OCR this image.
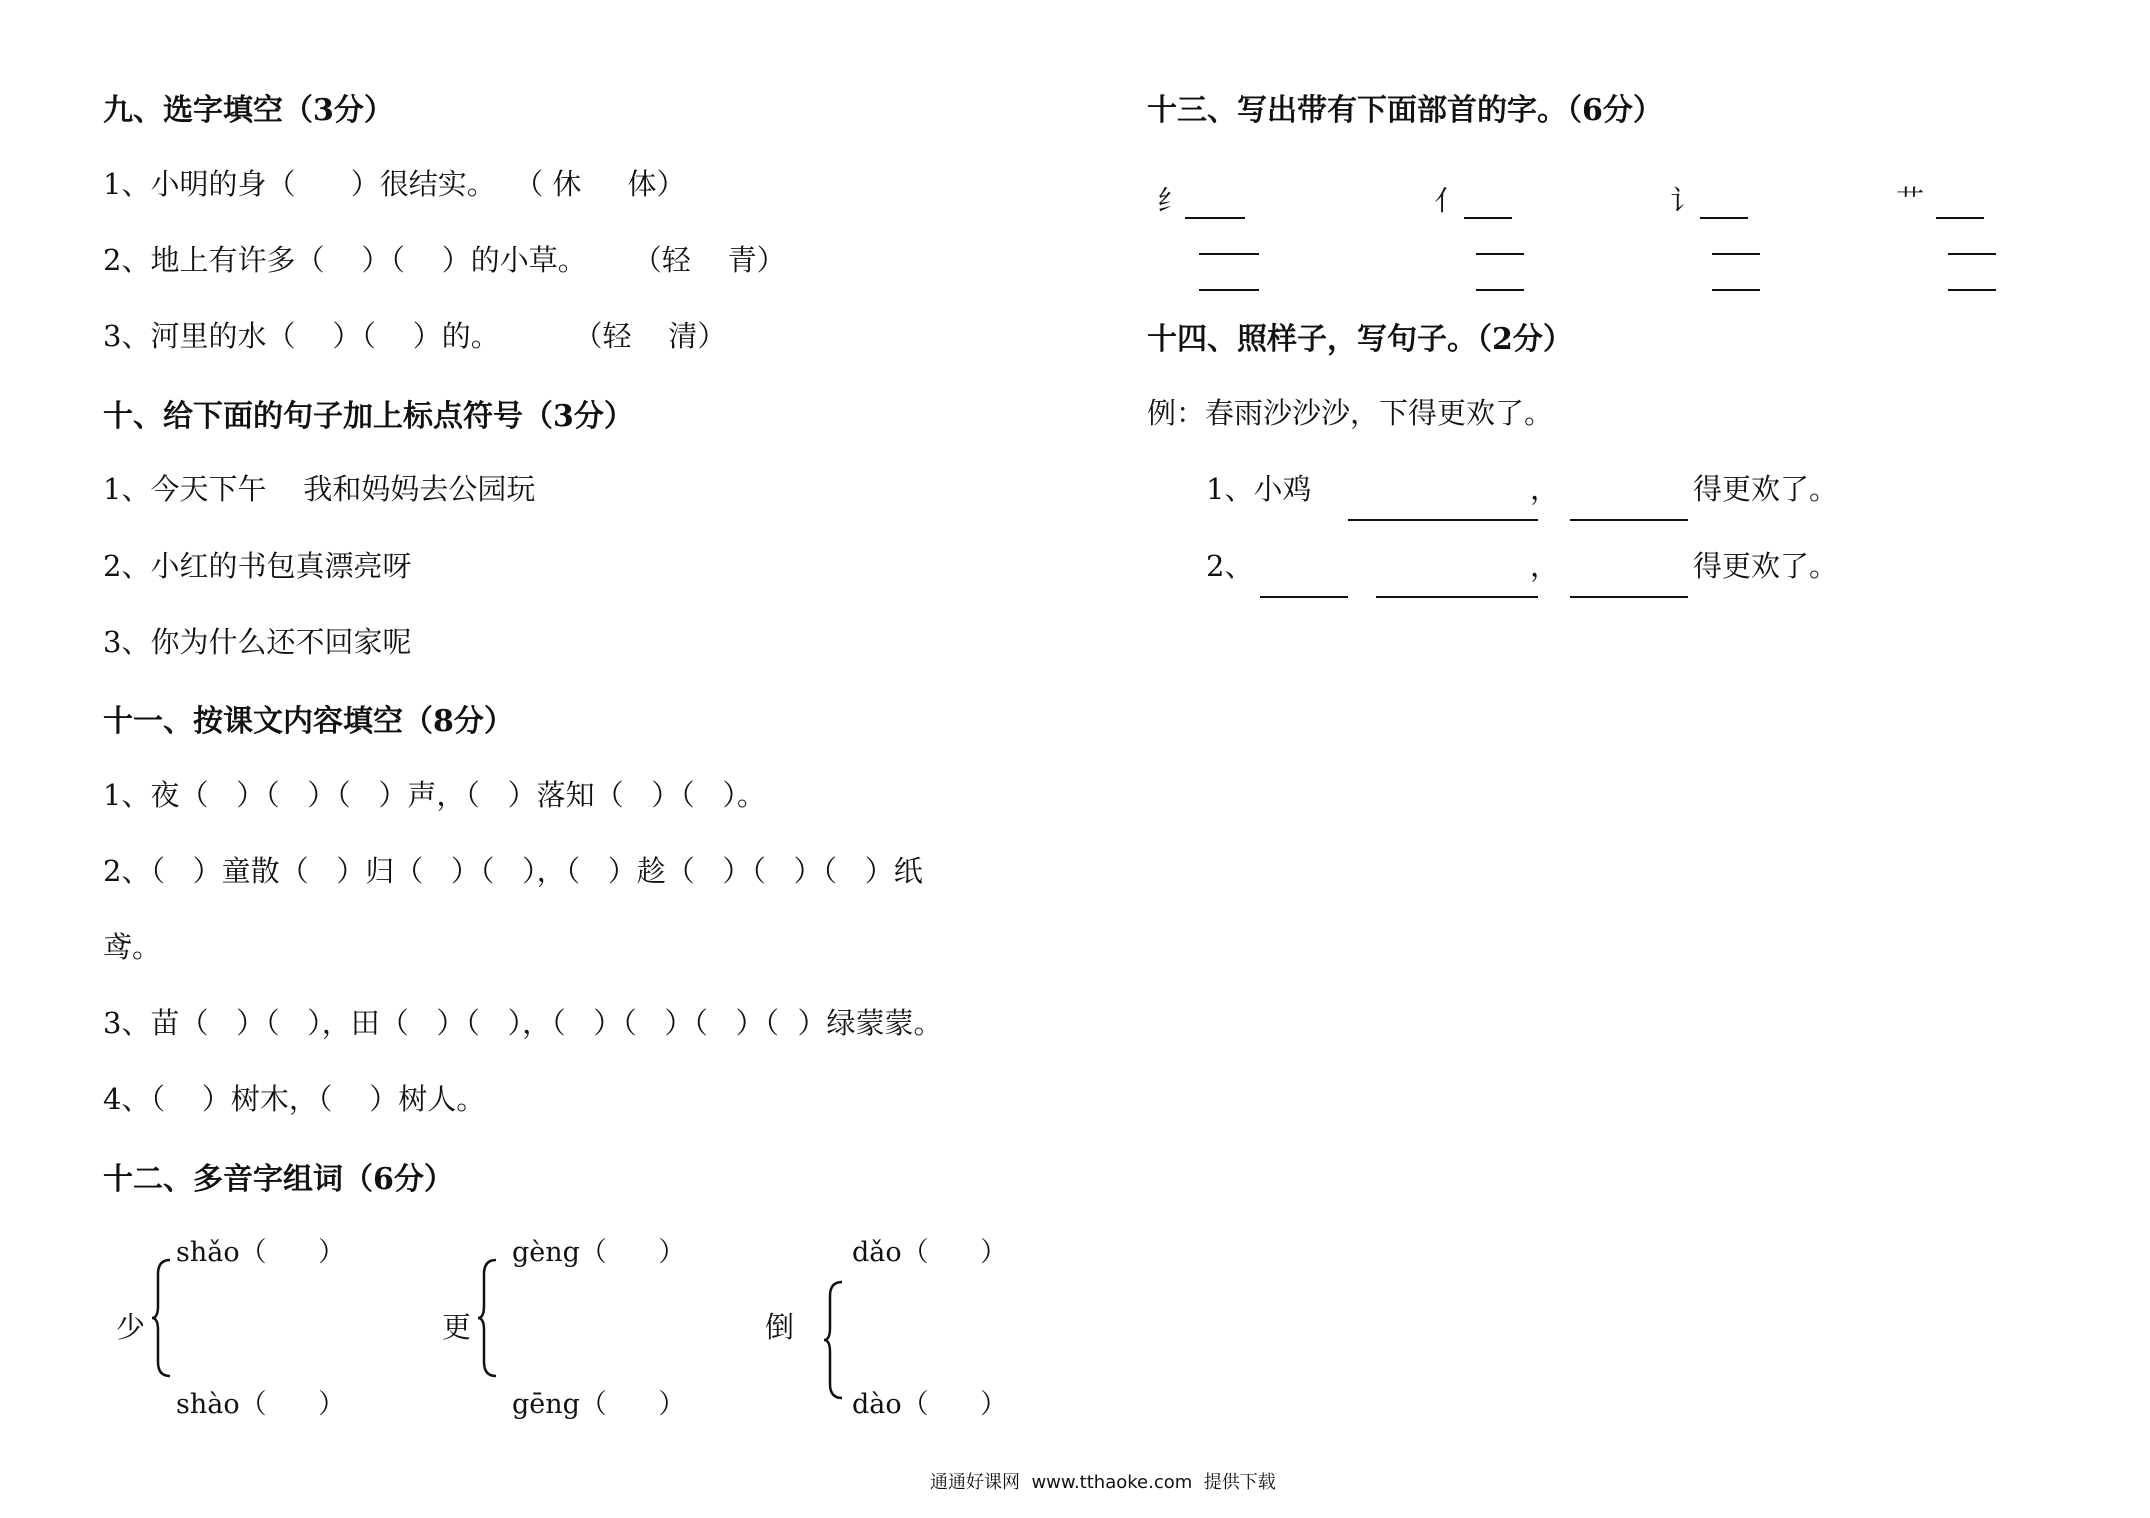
九、选字填空（3分）
1、小明的身（      ）很结实。  （ 休     体）
2、地上有许多（    ）（    ）的小草。     （轻    青）
3、河里的水（    ）（    ）的。        （轻    清）
十、给下面的句子加上标点符号（3分）
1、今天下午    我和妈妈去公园玩
2、小红的书包真漂亮呀
3、你为什么还不回家呢
十一、按课文内容填空（8分）
1、夜（   ）（   ）（   ）声，（   ）落知（   ）（   ）。
2、（   ）童散（   ）归（   ）（   ），（   ）趁（   ）（   ）（   ）纸
鸢。
3、苗（   ）（   ），田（   ）（   ），（   ）（   ）（   ）（  ）绿蒙蒙。
4、（    ）树木，（    ）树人。
十二、多音字组词（6分）
少
shǎo（      ）
shào（      ）
更
gèng（      ）
gēng（      ）
倒
dǎo（      ）
dào（      ）
十三、写出带有下面部首的字。（6分）

纟

	亻

	讠

	艹

十四、照样子，写句子。（2分）
例：春雨沙沙沙，下得更欢了。
1、小鸡

	，

	得更欢了。
2、

	，

	得更欢了。
通通好课网  www.tthaoke.com  提供下载
